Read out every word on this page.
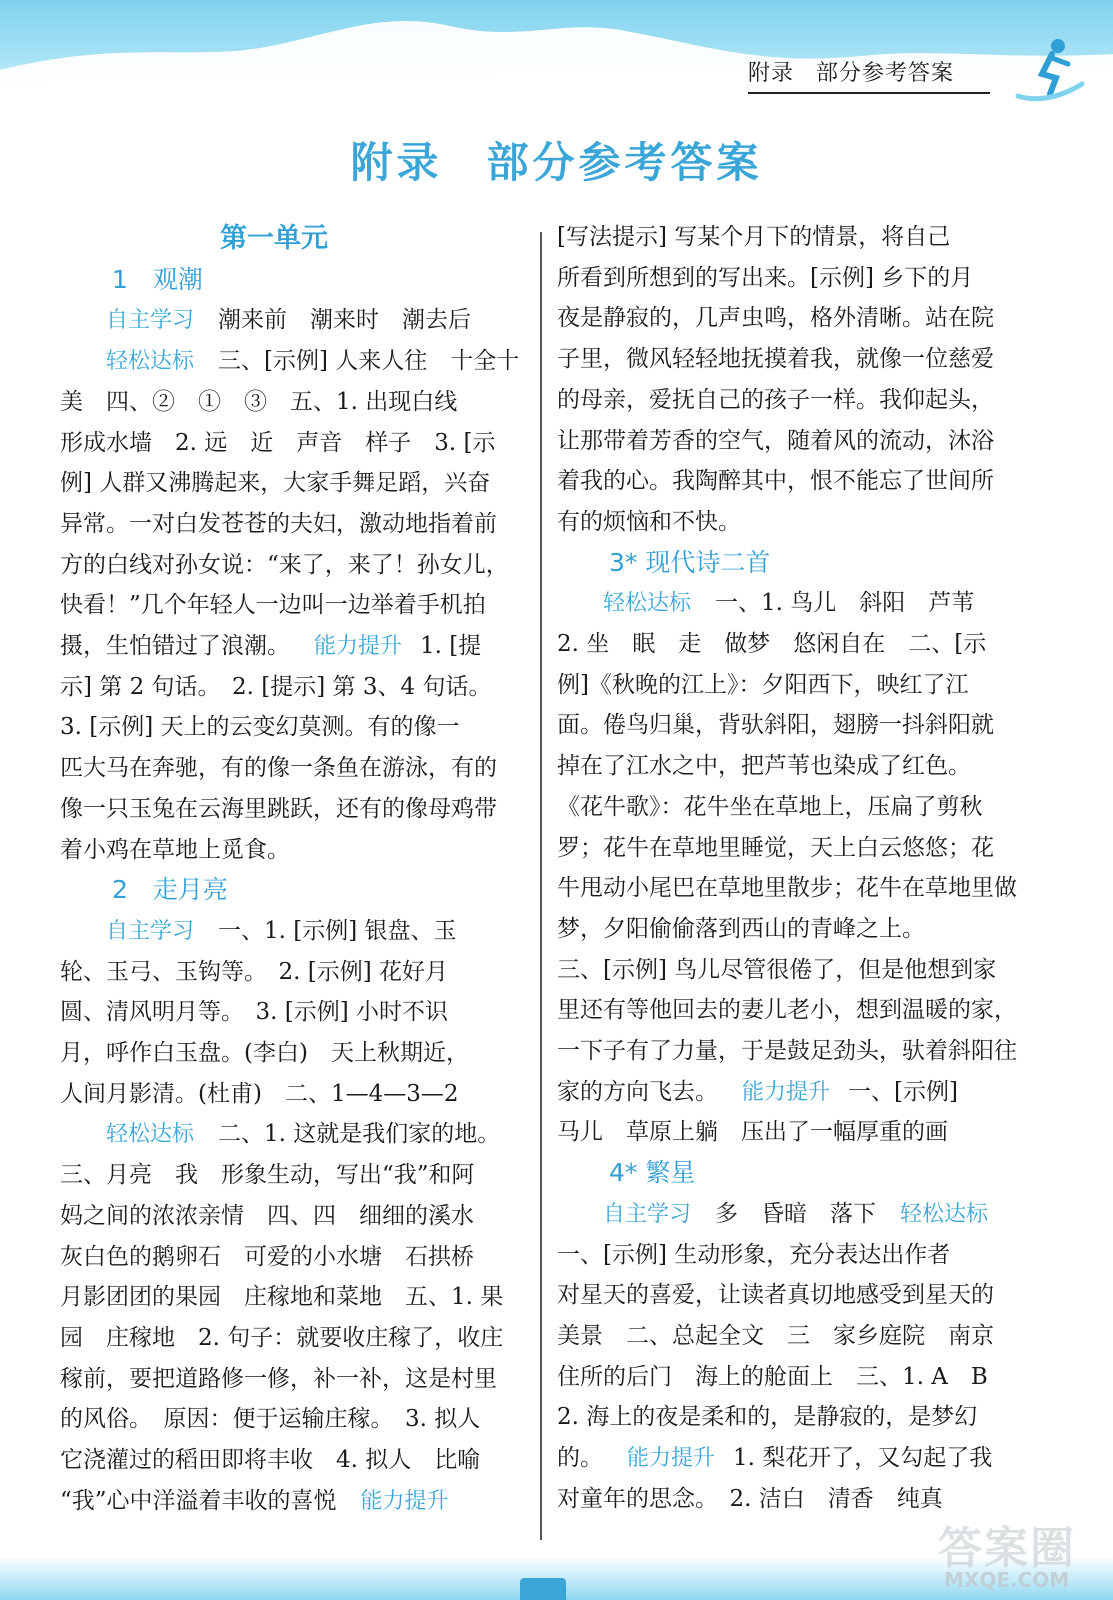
附录 部分参考答案
附录 部分参考答案
第一单元
1　观潮
自主学习 潮来前　潮来时　潮去后
轻松达标 三、[示例] 人来人往　十全十
美　四、②　①　③　五、1. 出现白线
形成水墙　2. 远　近　声音　样子　3. [示
例] 人群又沸腾起来，大家手舞足蹈，兴奋
异常。一对白发苍苍的夫妇，激动地指着前
方的白线对孙女说：“来了，来了！孙女儿，
快看！”几个年轻人一边叫一边举着手机拍
摄，生怕错过了浪潮。 能力提升 1. [提
示] 第 2 句话。　2. [提示] 第 3、4 句话。
3. [示例] 天上的云变幻莫测。有的像一
匹大马在奔驰，有的像一条鱼在游泳，有的
像一只玉兔在云海里跳跃，还有的像母鸡带
着小鸡在草地上觅食。
2　走月亮
自主学习 一、1. [示例] 银盘、玉
轮、玉弓、玉钩等。　2. [示例] 花好月
圆、清风明月等。　3. [示例] 小时不识
月，呼作白玉盘。(李白)　天上秋期近，
人间月影清。(杜甫)　二、1—4—3—2
轻松达标 二、1. 这就是我们家的地。
三、月亮　我　形象生动，写出“我”和阿
妈之间的浓浓亲情　四、四　细细的溪水
灰白色的鹅卵石　可爱的小水塘　石拱桥
月影团团的果园　庄稼地和菜地　五、1. 果
园　庄稼地　2. 句子：就要收庄稼了，收庄
稼前，要把道路修一修，补一补，这是村里
的风俗。　原因：便于运输庄稼。　3. 拟人
它浇灌过的稻田即将丰收　4. 拟人　比喻
“我”心中洋溢着丰收的喜悦 能力提升
[写法提示] 写某个月下的情景，将自己
所看到所想到的写出来。[示例] 乡下的月
夜是静寂的，几声虫鸣，格外清晰。站在院
子里，微风轻轻地抚摸着我，就像一位慈爱
的母亲，爱抚自己的孩子一样。我仰起头，
让那带着芳香的空气，随着风的流动，沐浴
着我的心。我陶醉其中，恨不能忘了世间所
有的烦恼和不快。
3* 现代诗二首
轻松达标 一、1. 鸟儿　斜阳　芦苇
2. 坐　眠　走　做梦　悠闲自在　二、[示
例]《秋晚的江上》：夕阳西下，映红了江
面。倦鸟归巢，背驮斜阳，翅膀一抖斜阳就
掉在了江水之中，把芦苇也染成了红色。
《花牛歌》：花牛坐在草地上，压扁了剪秋
罗；花牛在草地里睡觉，天上白云悠悠；花
牛甩动小尾巴在草地里散步；花牛在草地里做
梦，夕阳偷偷落到西山的青峰之上。
三、[示例] 鸟儿尽管很倦了，但是他想到家
里还有等他回去的妻儿老小，想到温暖的家，
一下子有了力量，于是鼓足劲头，驮着斜阳往
家的方向飞去。 能力提升 一、[示例]
马儿　草原上躺　压出了一幅厚重的画
4* 繁星
自主学习 多　昏暗　落下 轻松达标
一、[示例] 生动形象，充分表达出作者
对星天的喜爱，让读者真切地感受到星天的
美景　二、总起全文　三　家乡庭院　南京
住所的后门　海上的舱面上　三、1. A　B
2. 海上的夜是柔和的，是静寂的，是梦幻
的。 能力提升 1. 梨花开了，又勾起了我
对童年的思念。　2. 洁白　清香　纯真
答案圈
MXQE.COM
